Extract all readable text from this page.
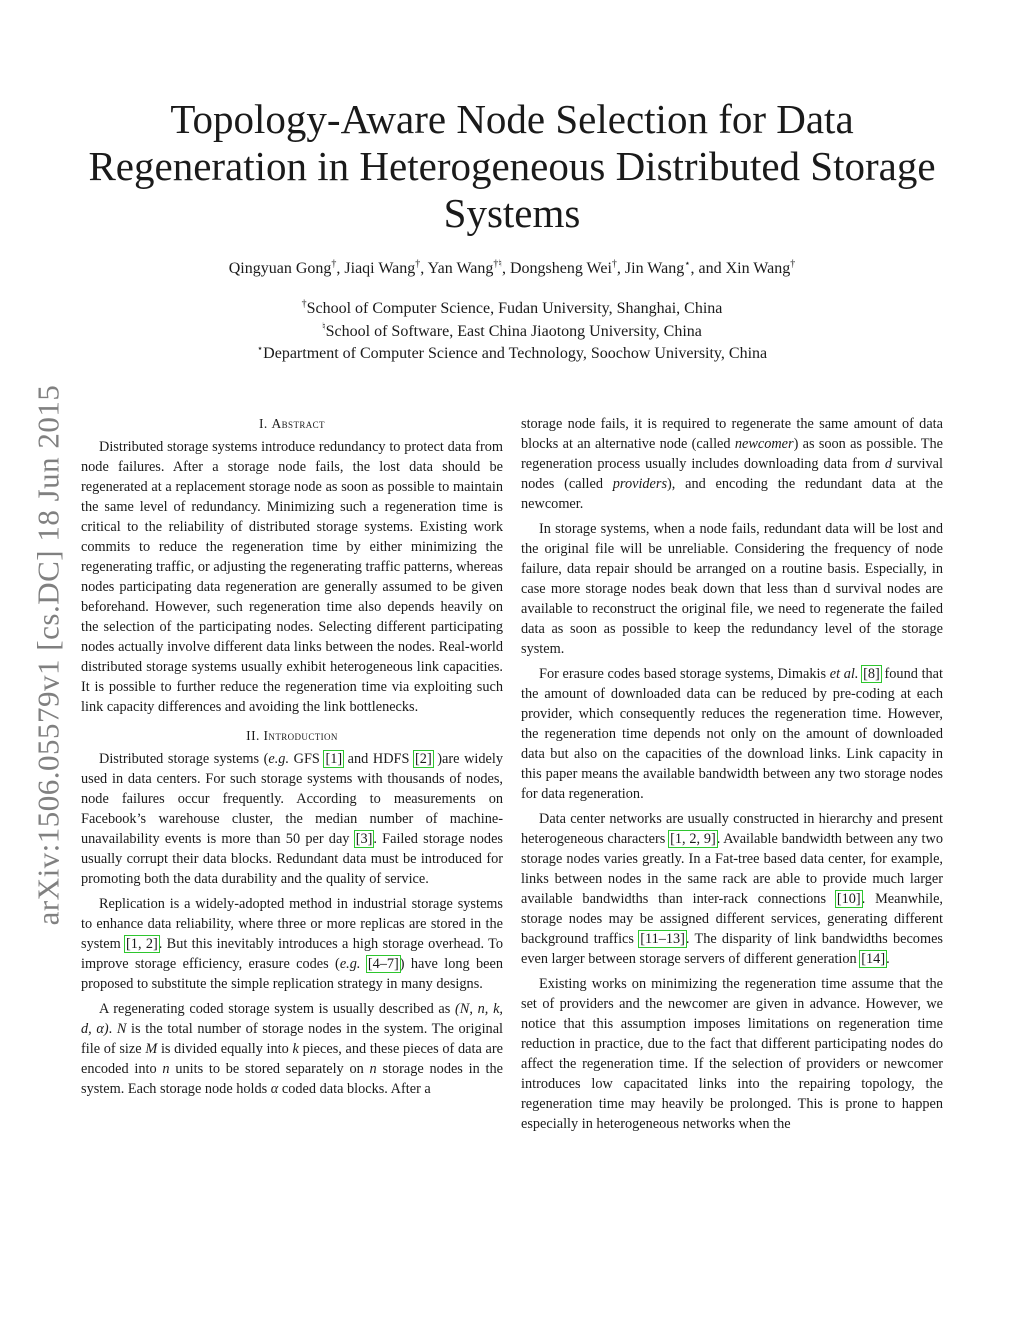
arXiv:1506.05579v1 [cs.DC] 18 Jun 2015
Topology-Aware Node Selection for Data
Regeneration in Heterogeneous Distributed Storage
Systems
Qingyuan Gong†, Jiaqi Wang†, Yan Wang†♮, Dongsheng Wei†, Jin Wang⋆, and Xin Wang†
†School of Computer Science, Fudan University, Shanghai, China
♮School of Software, East China Jiaotong University, China
⋆Department of Computer Science and Technology, Soochow University, China
I. Abstract

Distributed storage systems introduce redundancy to protect data from node failures. After a storage node fails, the lost data should be regenerated at a replacement storage node as soon as possible to maintain the same level of redundancy. Minimizing such a regeneration time is critical to the reliability of distributed storage systems. Existing work commits to reduce the regeneration time by either minimizing the regenerating traffic, or adjusting the regenerating traffic patterns, whereas nodes participating data regeneration are generally assumed to be given beforehand. However, such regeneration time also depends heavily on the selection of the participating nodes. Selecting different participating nodes actually involve different data links between the nodes. Real-world distributed storage systems usually exhibit heterogeneous link capacities. It is possible to further reduce the regeneration time via exploiting such link capacity differences and avoiding the link bottlenecks.

II. Introduction

Distributed storage systems (e.g. GFS [1] and HDFS [2] )are widely used in data centers. For such storage systems with thousands of nodes, node failures occur frequently. According to measurements on Facebook’s warehouse cluster, the median number of machine-unavailability events is more than 50 per day [3]. Failed storage nodes usually corrupt their data blocks. Redundant data must be introduced for promoting both the data durability and the quality of service.

Replication is a widely-adopted method in industrial storage systems to enhance data reliability, where three or more replicas are stored in the system [1, 2]. But this inevitably introduces a high storage overhead. To improve storage efficiency, erasure codes (e.g. [4–7]) have long been proposed to substitute the simple replication strategy in many designs.

A regenerating coded storage system is usually described as (N, n, k, d, α). N is the total number of storage nodes in the system. The original file of size M is divided equally into k pieces, and these pieces of data are encoded into n units to be stored separately on n storage nodes in the system. Each storage node holds α coded data blocks. After a

storage node fails, it is required to regenerate the same amount of data blocks at an alternative node (called newcomer) as soon as possible. The regeneration process usually includes downloading data from d survival nodes (called providers), and encoding the redundant data at the newcomer.

In storage systems, when a node fails, redundant data will be lost and the original file will be unreliable. Considering the frequency of node failure, data repair should be arranged on a routine basis. Especially, in case more storage nodes beak down that less than d survival nodes are available to reconstruct the original file, we need to regenerate the failed data as soon as possible to keep the redundancy level of the storage system.

For erasure codes based storage systems, Dimakis et al. [8] found that the amount of downloaded data can be reduced by pre-coding at each provider, which consequently reduces the regeneration time. However, the regeneration time depends not only on the amount of downloaded data but also on the capacities of the download links. Link capacity in this paper means the available bandwidth between any two storage nodes for data regeneration.

Data center networks are usually constructed in hierarchy and present heterogeneous characters [1, 2, 9]. Available bandwidth between any two storage nodes varies greatly. In a Fat-tree based data center, for example, links between nodes in the same rack are able to provide much larger available bandwidths than inter-rack connections [10]. Meanwhile, storage nodes may be assigned different services, generating different background traffics [11–13]. The disparity of link bandwidths becomes even larger between storage servers of different generation [14].

Existing works on minimizing the regeneration time assume that the set of providers and the newcomer are given in advance. However, we notice that this assumption imposes limitations on regeneration time reduction in practice, due to the fact that different participating nodes do affect the regeneration time. If the selection of providers or newcomer introduces low capacitated links into the repairing topology, the regeneration time may heavily be prolonged. This is prone to happen especially in heterogeneous networks when the
